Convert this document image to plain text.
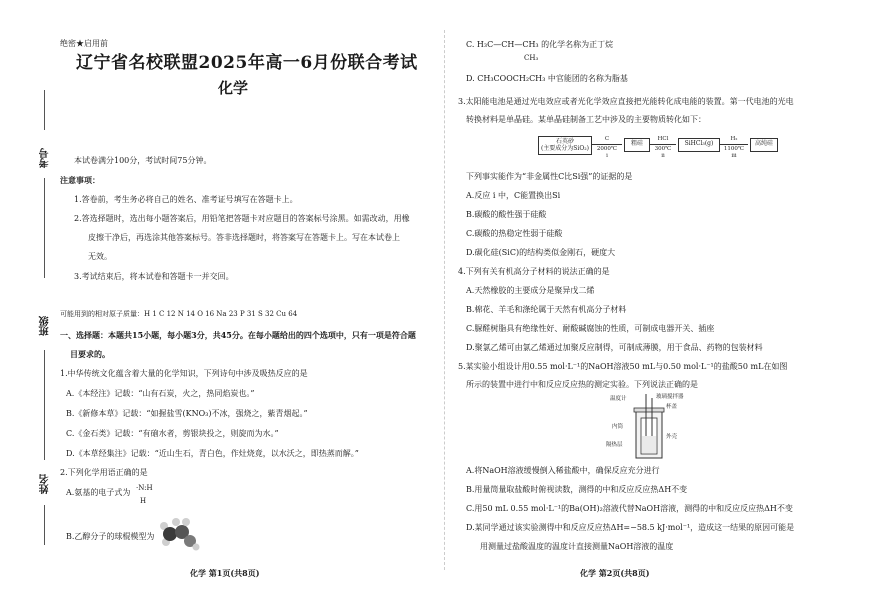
考号
班级
姓名
绝密★启用前
辽宁省名校联盟2025年高一6月份联合考试
化学
本试卷满分100分，考试时间75分钟。
注意事项：
1.答卷前，考生务必将自己的姓名、准考证号填写在答题卡上。
2.答选择题时，选出每小题答案后，用铅笔把答题卡对应题目的答案标号涂黑。如需改动，用橡
皮擦干净后，再选涂其他答案标号。答非选择题时，将答案写在答题卡上。写在本试卷上
无效。
3.考试结束后，将本试卷和答题卡一并交回。
可能用到的相对原子质量：H 1 C 12 N 14 O 16 Na 23 P 31 S 32 Cu 64
一、选择题：本题共15小题，每小题3分，共45分。在每小题给出的四个选项中，只有一项是符合题
目要求的。
1.中华传统文化蕴含着大量的化学知识，下列诗句中涉及吸热反应的是
A.《本经注》记载：“山有石炭，火之，热同焰炭也。”
B.《新修本草》记载：“如握盐雪(KNO₃)不冰，强烧之，紫青烟起。”
C.《金石类》记载：“有硇水者，剪银块投之，则旋而为水。”
D.《本草经集注》记载：“近山生石，青白色，作灶烧竟，以水沃之，即热蒸而解。”
2.下列化学用语正确的是
A.氨基的电子式为 ·N:H
H
B.乙醇分子的球棍模型为
C. H₃C—CH—CH₃ 的化学名称为正丁烷
CH₃
D. CH₃COOCH₂CH₃ 中官能团的名称为脂基
3.太阳能电池是通过光电效应或者光化学效应直接把光能转化成电能的装置。第一代电池的光电
转换材料是单晶硅。某单晶硅制备工艺中涉及的主要物质转化如下：
石英砂
(主要成分为SiO₂)
C
2000℃
i
粗硅
HCl
300℃
ii
SiHCl₃(g)
H₂
1100℃
iii
高纯硅
下列事实能作为“非金属性C比Si强”的证据的是
A.反应 i 中，C能置换出Si
B.碳酸的酸性强于硅酸
C.碳酸的热稳定性弱于硅酸
D.碳化硅(SiC)的结构类似金刚石，硬度大
4.下列有关有机高分子材料的说法正确的是
A.天然橡胶的主要成分是聚异戊二烯
B.棉花、羊毛和涤纶属于天然有机高分子材料
C.脲醛树脂具有绝缘性好、耐酸碱腐蚀的性质，可制成电器开关、插座
D.聚氯乙烯可由氯乙烯通过加聚反应制得，可制成薄膜，用于食品、药物的包装材料
5.某实验小组设计用0.55 mol·L⁻¹的NaOH溶液50 mL与0.50 mol·L⁻¹的盐酸50 mL在如图
所示的装置中进行中和反应反应热的测定实验。下列说法正确的是
温度计	玻璃搅拌器
杯盖
内筒
外壳
隔热层
A.将NaOH溶液缓慢倒入稀盐酸中，确保反应充分进行
B.用量筒量取盐酸时俯视读数，测得的中和反应反应热ΔH不变
C.用50 mL 0.55 mol·L⁻¹的Ba(OH)₂溶液代替NaOH溶液，测得的中和反应反应热ΔH不变
D.某同学通过该实验测得中和反应反应热ΔH=−58.5 kJ·mol⁻¹，造成这一结果的原因可能是
用测量过盐酸温度的温度计直接测量NaOH溶液的温度
化学 第1页(共8页)	化学 第2页(共8页)
